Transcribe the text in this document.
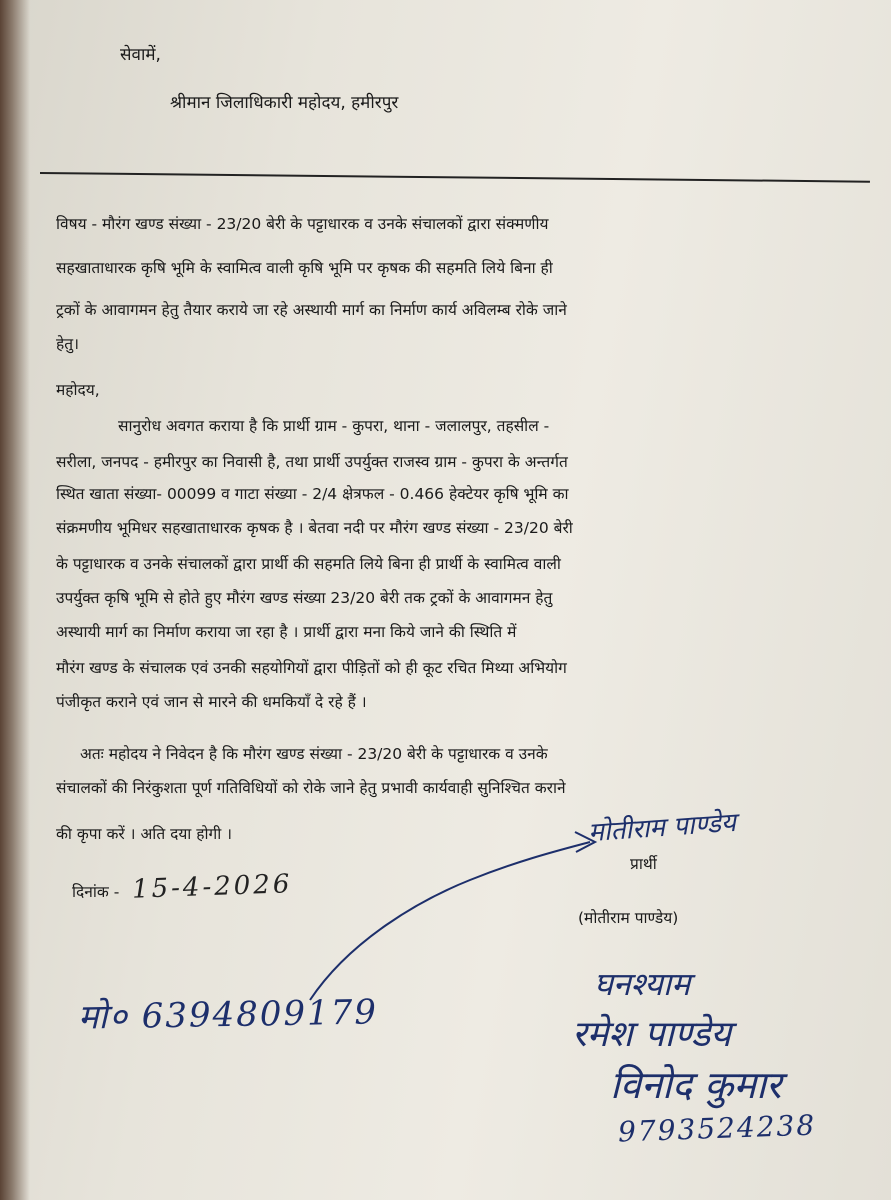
सेवामें,
श्रीमान जिलाधिकारी महोदय, हमीरपुर
विषय - मौरंग खण्ड संख्या - 23/20 बेरी के पट्टाधारक व उनके संचालकों द्वारा संक्मणीय
सहखाताधारक कृषि भूमि के स्वामित्व वाली कृषि भूमि पर कृषक की सहमति लिये बिना ही
ट्रकों के आवागमन हेतु तैयार कराये जा रहे अस्थायी मार्ग का निर्माण कार्य अविलम्ब रोके जाने
हेतु।
महोदय,
सानुरोध अवगत कराया है कि प्रार्थी ग्राम - कुपरा, थाना - जलालपुर, तहसील -
सरीला, जनपद - हमीरपुर का निवासी है, तथा प्रार्थी उपर्युक्त राजस्व ग्राम - कुपरा के अन्तर्गत
स्थित खाता संख्या- 00099 व गाटा संख्या - 2/4 क्षेत्रफल - 0.466 हेक्टेयर कृषि भूमि का
संक्रमणीय भूमिधर सहखाताधारक कृषक है । बेतवा नदी पर मौरंग खण्ड संख्या - 23/20 बेरी
के पट्टाधारक व उनके संचालकों द्वारा प्रार्थी की सहमति लिये बिना ही प्रार्थी के स्वामित्व वाली
उपर्युक्त कृषि भूमि से होते हुए मौरंग खण्ड संख्या 23/20 बेरी तक ट्रकों के आवागमन हेतु
अस्थायी मार्ग का निर्माण कराया जा रहा है । प्रार्थी द्वारा मना किये जाने की स्थिति में
मौरंग खण्ड के संचालक एवं उनकी सहयोगियों द्वारा पीड़ितों को ही कूट रचित मिथ्या अभियोग
पंजीकृत कराने एवं जान से मारने की धमकियाँ दे रहे हैं ।
अतः महोदय ने निवेदन है कि मौरंग खण्ड संख्या - 23/20 बेरी के पट्टाधारक व उनके
संचालकों की निरंकुशता पूर्ण गतिविधियों को रोके जाने हेतु प्रभावी कार्यवाही सुनिश्चित कराने
की कृपा करें । अति दया होगी ।	मोतीराम पाण्डेय
प्रार्थी
(मोतीराम पाण्डेय)
दिनांक - 15-4-2026
मो० 6394809179
घनश्याम
रमेश पाण्डेय
विनोद कुमार
9793524238
